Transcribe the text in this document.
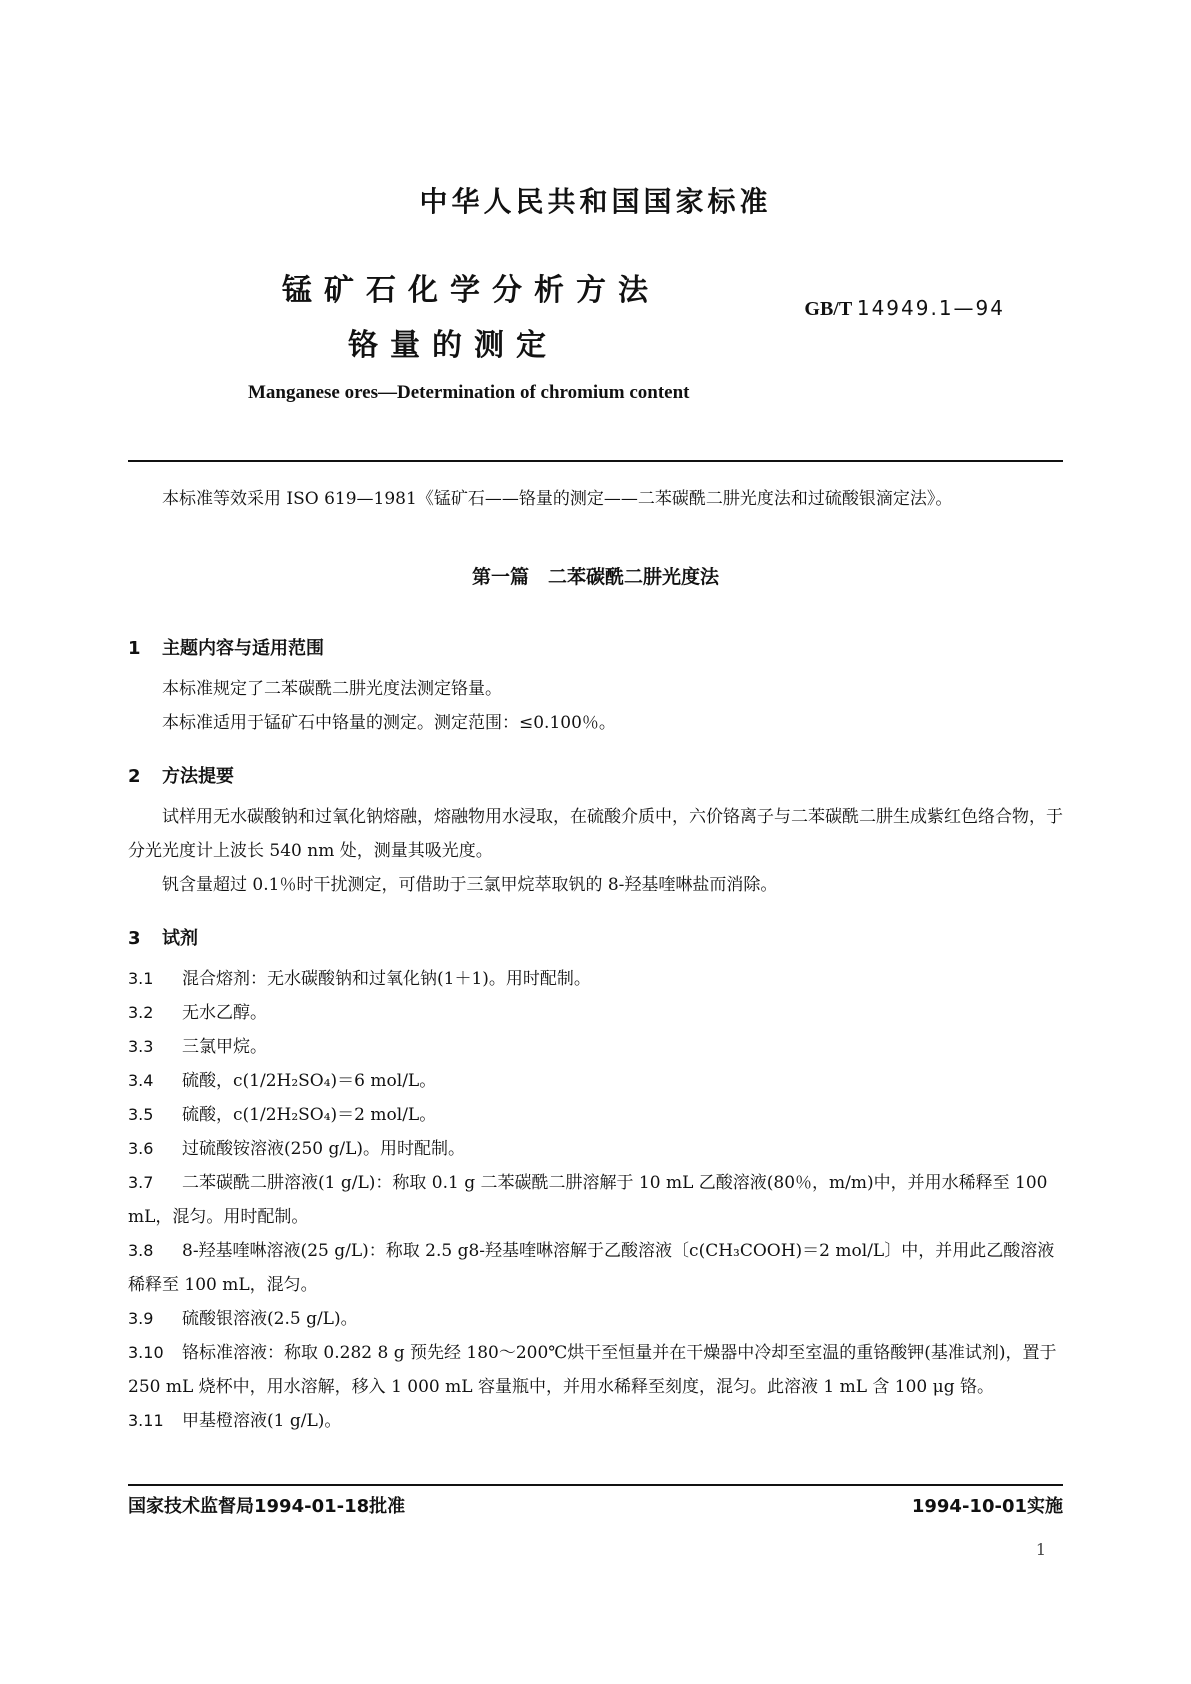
中华人民共和国国家标准
锰矿石化学分析方法
铬量的测定
GB/T 14949.1—94
Manganese ores—Determination of chromium content
本标准等效采用 ISO 619—1981《锰矿石——铬量的测定——二苯碳酰二肼光度法和过硫酸银滴定法》。
第一篇　二苯碳酰二肼光度法
1 主题内容与适用范围
本标准规定了二苯碳酰二肼光度法测定铬量。
本标准适用于锰矿石中铬量的测定。测定范围：≤0.100％。
2 方法提要
试样用无水碳酸钠和过氧化钠熔融，熔融物用水浸取，在硫酸介质中，六价铬离子与二苯碳酰二肼生成紫红色络合物，于分光光度计上波长 540 nm 处，测量其吸光度。
钒含量超过 0.1％时干扰测定，可借助于三氯甲烷萃取钒的 8-羟基喹啉盐而消除。
3 试剂
3.1 混合熔剂：无水碳酸钠和过氧化钠(1＋1)。用时配制。
3.2 无水乙醇。
3.3 三氯甲烷。
3.4 硫酸，c(1/2H₂SO₄)＝6 mol/L。
3.5 硫酸，c(1/2H₂SO₄)＝2 mol/L。
3.6 过硫酸铵溶液(250 g/L)。用时配制。
3.7 二苯碳酰二肼溶液(1 g/L)：称取 0.1 g 二苯碳酰二肼溶解于 10 mL 乙酸溶液(80％，m/m)中，并用水稀释至 100 mL，混匀。用时配制。
3.8 8-羟基喹啉溶液(25 g/L)：称取 2.5 g8-羟基喹啉溶解于乙酸溶液〔c(CH₃COOH)＝2 mol/L〕中，并用此乙酸溶液稀释至 100 mL，混匀。
3.9 硫酸银溶液(2.5 g/L)。
3.10 铬标准溶液：称取 0.282 8 g 预先经 180～200℃烘干至恒量并在干燥器中冷却至室温的重铬酸钾(基准试剂)，置于 250 mL 烧杯中，用水溶解，移入 1 000 mL 容量瓶中，并用水稀释至刻度，混匀。此溶液 1 mL 含 100 μg 铬。
3.11 甲基橙溶液(1 g/L)。
国家技术监督局1994-01-18批准	1994-10-01实施
1
